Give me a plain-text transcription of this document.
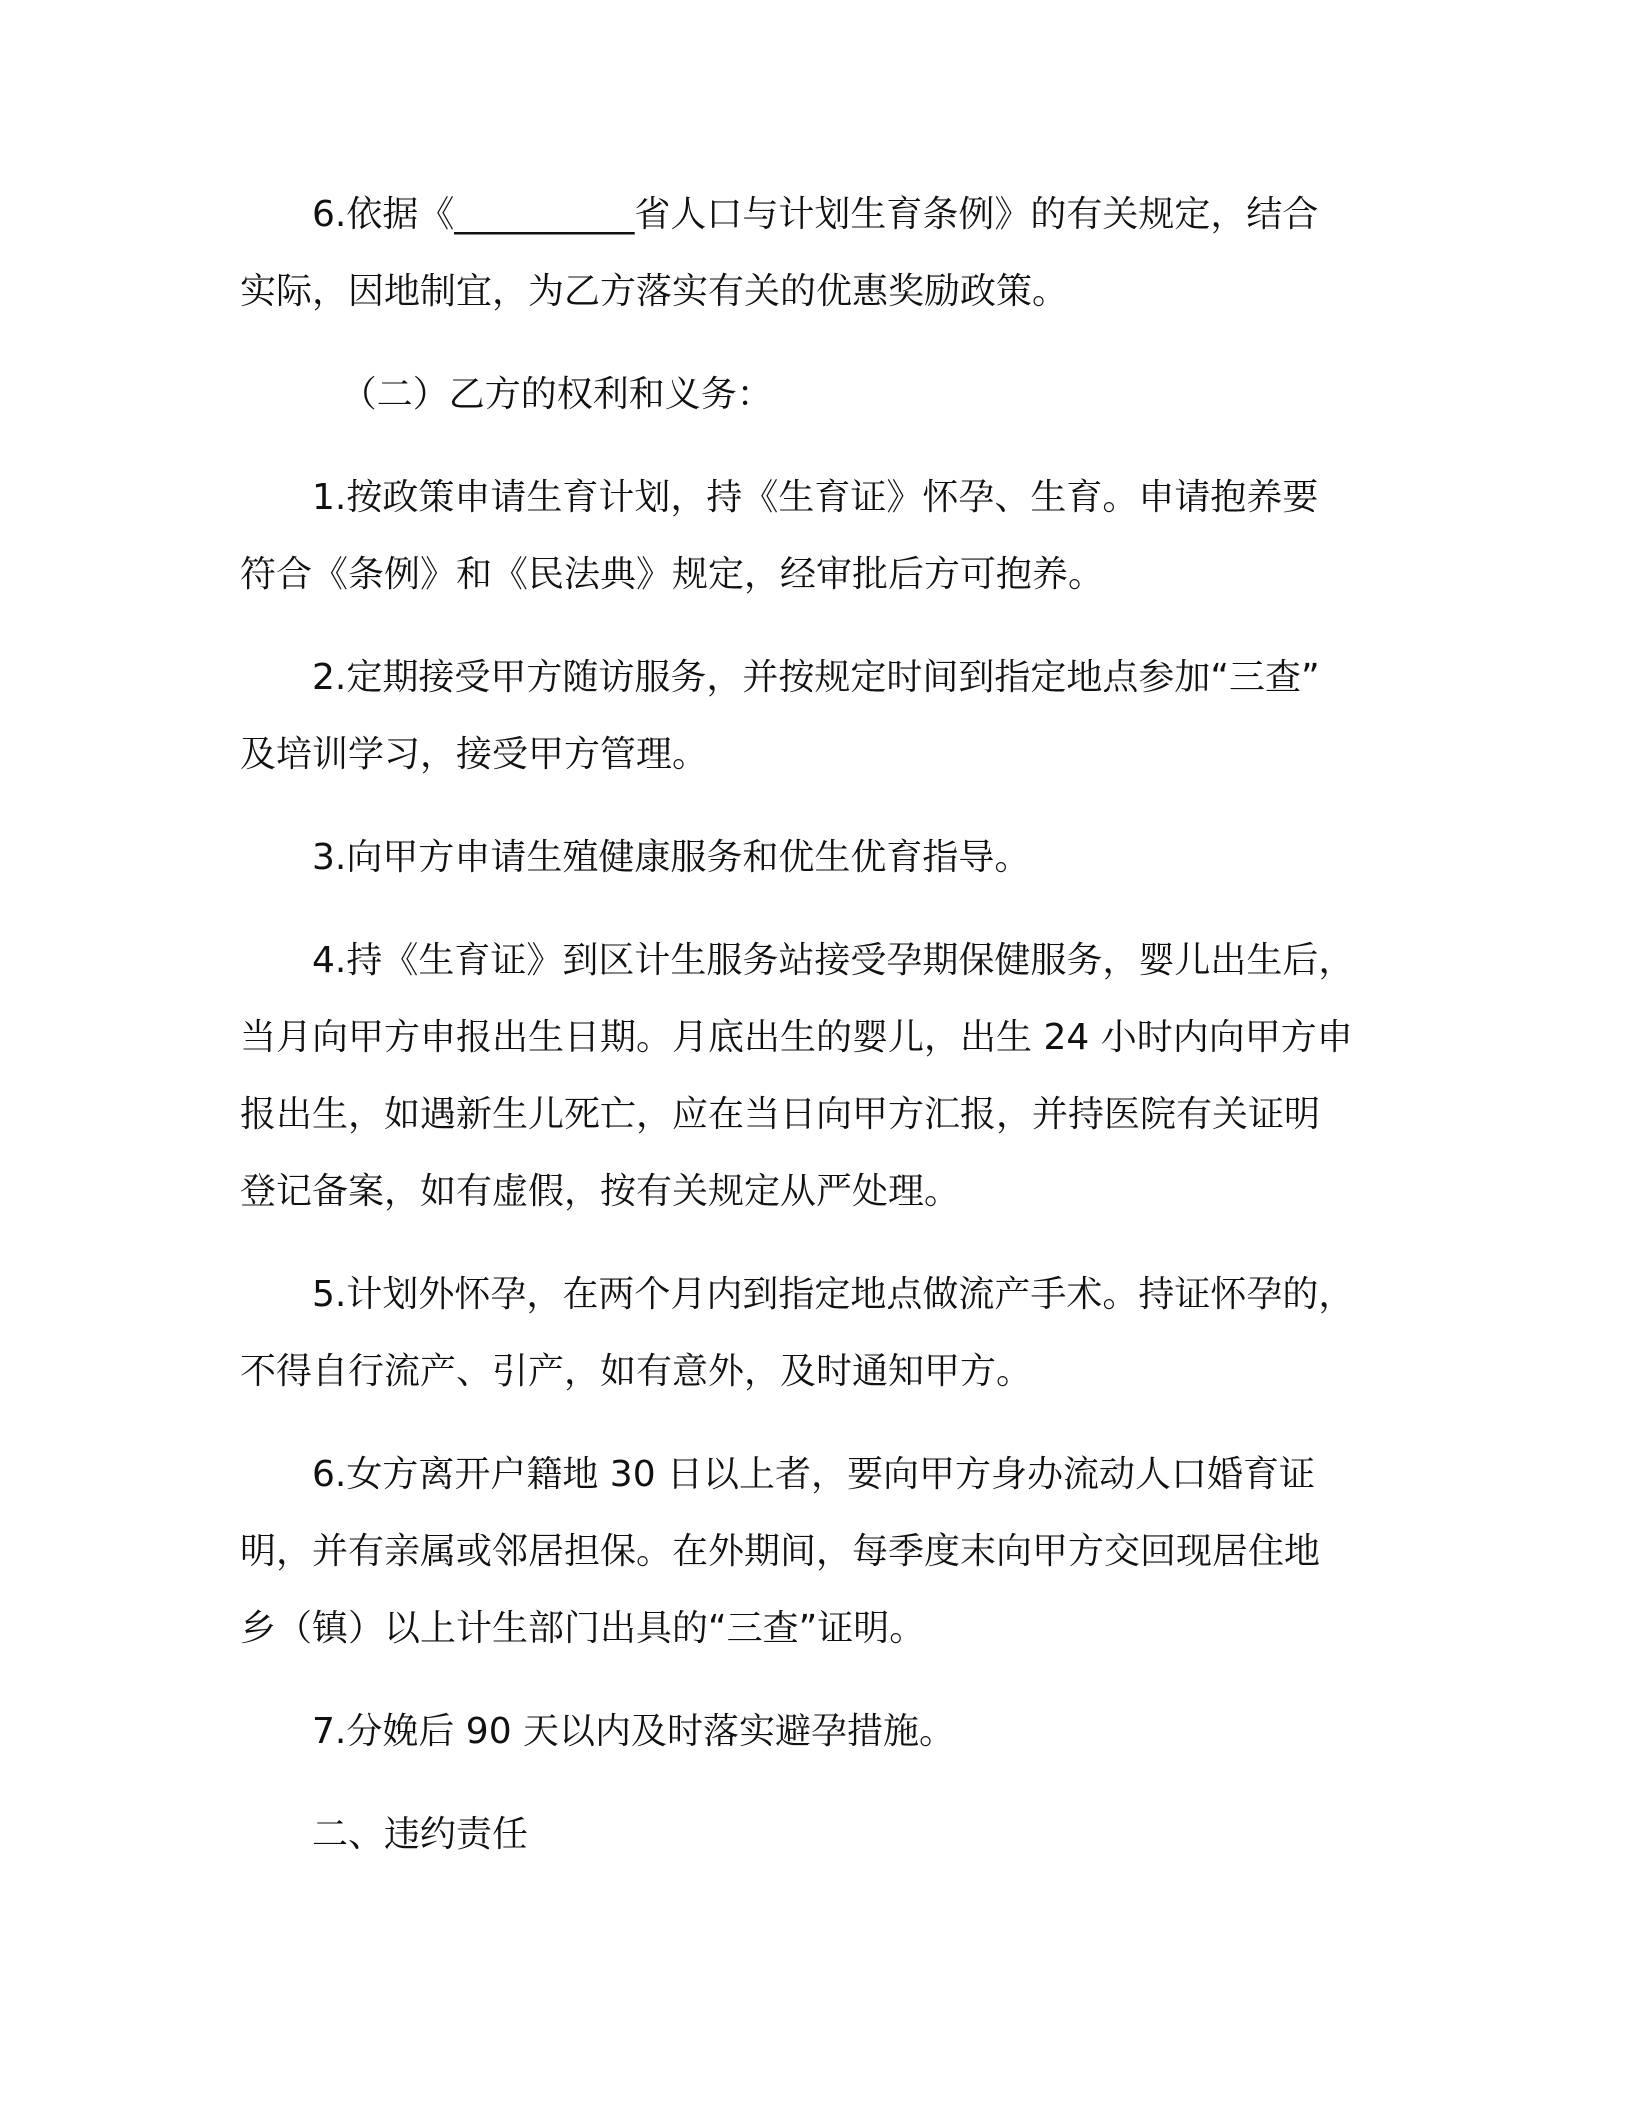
6.依据《__________省人口与计划生育条例》的有关规定，结合
实际，因地制宜，为乙方落实有关的优惠奖励政策。
（二）乙方的权利和义务：
1.按政策申请生育计划，持《生育证》怀孕、生育。申请抱养要
符合《条例》和《民法典》规定，经审批后方可抱养。
2.定期接受甲方随访服务，并按规定时间到指定地点参加“三查”
及培训学习，接受甲方管理。
3.向甲方申请生殖健康服务和优生优育指导。
4.持《生育证》到区计生服务站接受孕期保健服务，婴儿出生后，
当月向甲方申报出生日期。月底出生的婴儿，出生 24 小时内向甲方申
报出生，如遇新生儿死亡，应在当日向甲方汇报，并持医院有关证明
登记备案，如有虚假，按有关规定从严处理。
5.计划外怀孕，在两个月内到指定地点做流产手术。持证怀孕的，
不得自行流产、引产，如有意外，及时通知甲方。
6.女方离开户籍地 30 日以上者，要向甲方身办流动人口婚育证
明，并有亲属或邻居担保。在外期间，每季度末向甲方交回现居住地
乡（镇）以上计生部门出具的“三查”证明。
7.分娩后 90 天以内及时落实避孕措施。
二、违约责任
